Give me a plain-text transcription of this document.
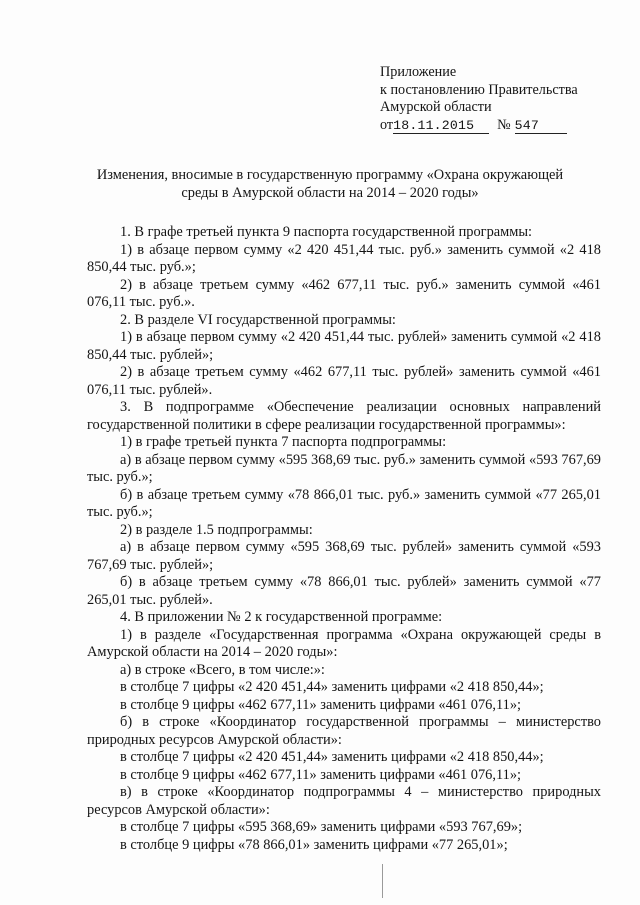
Приложение
к постановлению Правительства
Амурской области
от18.11.2015 № 547
Изменения, вносимые в государственную программу «Охрана окружающей
среды в Амурской области на 2014 – 2020 годы»
1. В графе третьей пункта 9 паспорта государственной программы:
1) в абзаце первом сумму «2 420 451,44 тыс. руб.» заменить суммой «2 418 850,44 тыс. руб.»;
2) в абзаце третьем сумму «462 677,11 тыс. руб.» заменить суммой «461 076,11 тыс. руб.».
2. В разделе VI государственной программы:
1) в абзаце первом сумму «2 420 451,44 тыс. рублей» заменить суммой «2 418 850,44 тыс. рублей»;
2) в абзаце третьем сумму «462 677,11 тыс. рублей» заменить суммой «461 076,11 тыс. рублей».
3. В подпрограмме «Обеспечение реализации основных направлений государственной политики в сфере реализации государственной программы»:
1) в графе третьей пункта 7 паспорта подпрограммы:
а) в абзаце первом сумму «595 368,69 тыс. руб.» заменить суммой «593 767,69 тыс. руб.»;
б) в абзаце третьем сумму «78 866,01 тыс. руб.» заменить суммой «77 265,01 тыс. руб.»;
2) в разделе 1.5 подпрограммы:
а) в абзаце первом сумму «595 368,69 тыс. рублей» заменить суммой «593 767,69 тыс. рублей»;
б) в абзаце третьем сумму «78 866,01 тыс. рублей» заменить суммой «77 265,01 тыс. рублей».
4. В приложении № 2 к государственной программе:
1) в разделе «Государственная программа «Охрана окружающей среды в Амурской области на 2014 – 2020 годы»:
а) в строке «Всего, в том числе:»:
в столбце 7 цифры «2 420 451,44» заменить цифрами «2 418 850,44»;
в столбце 9 цифры «462 677,11» заменить цифрами «461 076,11»;
б) в строке «Координатор государственной программы – министерство природных ресурсов Амурской области»:
в столбце 7 цифры «2 420 451,44» заменить цифрами «2 418 850,44»;
в столбце 9 цифры «462 677,11» заменить цифрами «461 076,11»;
в) в строке «Координатор подпрограммы 4 – министерство природных ресурсов Амурской области»:
в столбце 7 цифры «595 368,69» заменить цифрами «593 767,69»;
в столбце 9 цифры «78 866,01» заменить цифрами «77 265,01»;
